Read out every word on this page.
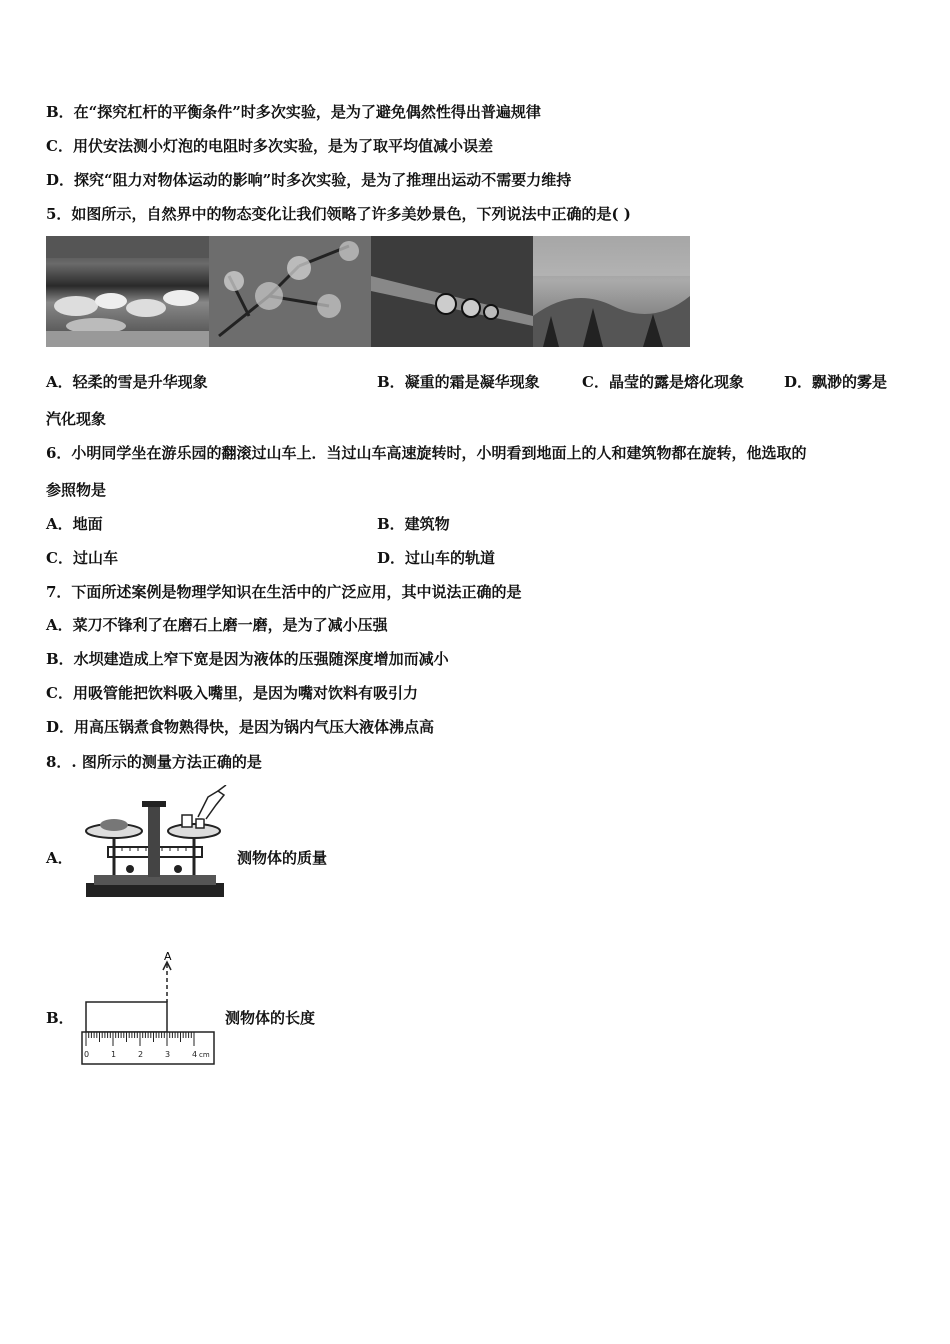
B．在“探究杠杆的平衡条件”时多次实验，是为了避免偶然性得出普遍规律
C．用伏安法测小灯泡的电阻时多次实验，是为了取平均值减小误差
D．探究“阻力对物体运动的影响”时多次实验，是为了推理出运动不需要力维持
5．如图所示，自然界中的物态变化让我们领略了许多美妙景色，下列说法中正确的是( )
A．轻柔的雪是升华现象	B．凝重的霜是凝华现象	C．晶莹的露是熔化现象	D．飘渺的雾是
汽化现象
6．小明同学坐在游乐园的翻滚过山车上．当过山车高速旋转时，小明看到地面上的人和建筑物都在旋转，他选取的
参照物是
A．地面	B．建筑物
C．过山车	D．过山车的轨道
7．下面所述案例是物理学知识在生活中的广泛应用，其中说法正确的是
A．菜刀不锋利了在磨石上磨一磨，是为了减小压强
B．水坝建造成上窄下宽是因为液体的压强随深度增加而减小
C．用吸管能把饮料吸入嘴里，是因为嘴对饮料有吸引力
D．用高压锅煮食物熟得快，是因为锅内气压大液体沸点高
8．. 图所示的测量方法正确的是
A．	测物体的质量
B．
A
0	1	2	3	4 cm
测物体的长度
